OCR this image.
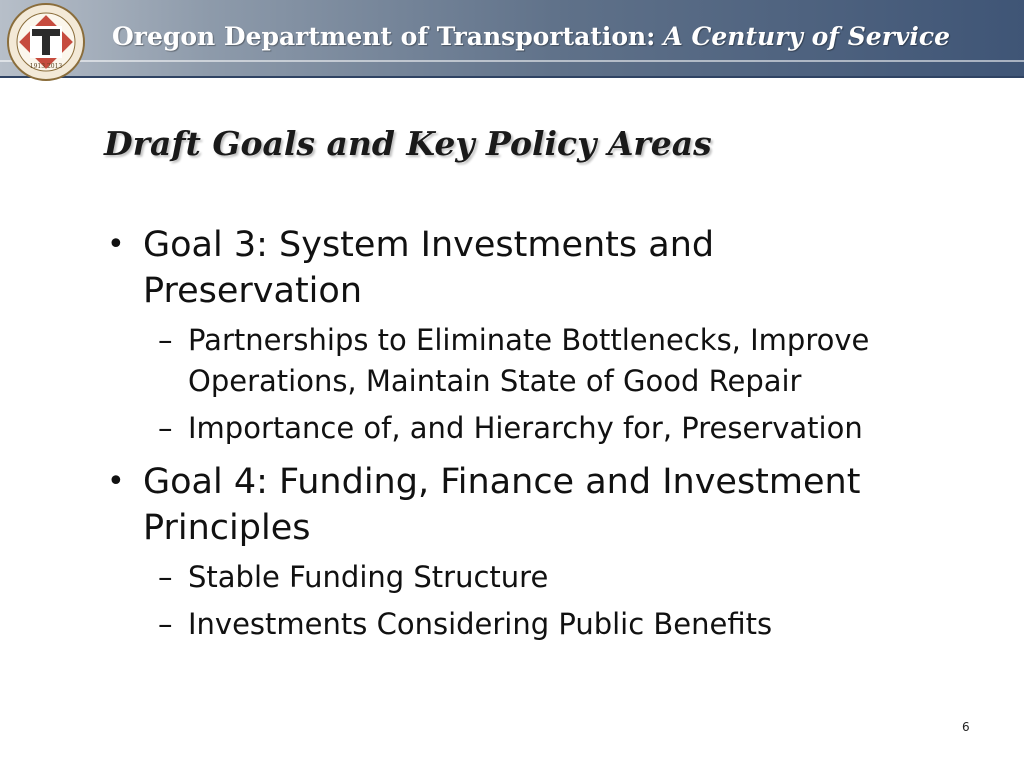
1913 2013
Oregon Department of Transportation: A Century of Service
Draft Goals and Key Policy Areas
• Goal 3: System Investments and Preservation
– Partnerships to Eliminate Bottlenecks, Improve Operations, Maintain State of Good Repair
– Importance of, and Hierarchy for, Preservation
• Goal 4: Funding, Finance and Investment Principles
– Stable Funding Structure
– Investments Considering Public Benefits
6
